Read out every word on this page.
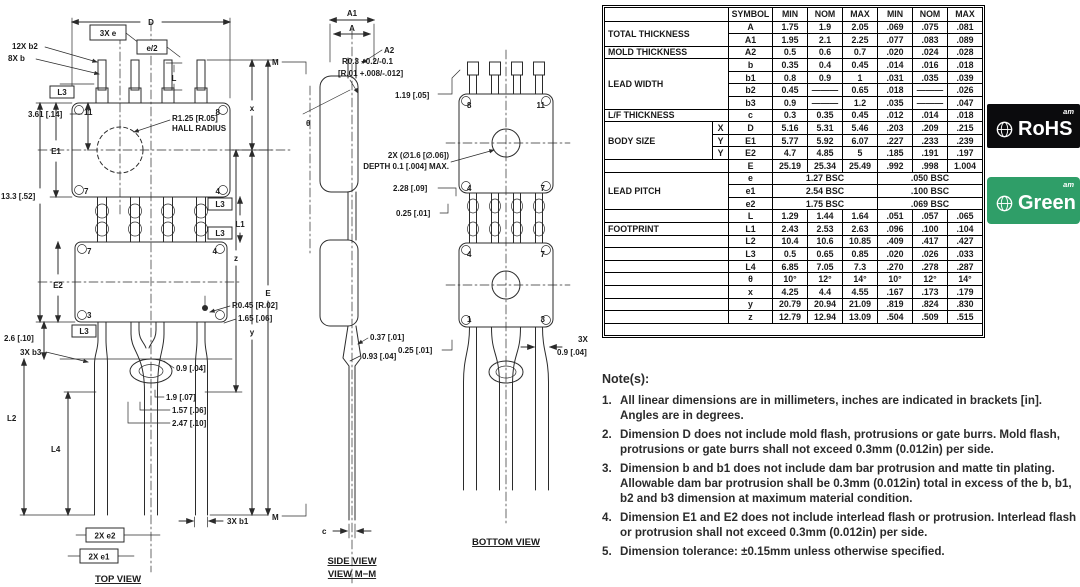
11	8
7	4
D
3X e
e/2
12X b2
8X b
L3
L
3.61 [.14]
E1
13.3 [.52]
R1.25 [R.05]
HALL RADIUS
L3
L1
L3
7	4
3
E2
R0.45 [R.02]
1.65 [.06]
x
z
y
E
M
M
2.6 [.10]
3X b3
L3
0.9 [.04]
1.9 [.07]
1.57 [.06]
2.47 [.10]
L2
L4
3X b1
2X e2
2X e1
TOP VIEW
A1
A
A2
R0.3 +0.2/-0.1
[R.01 +.008/-.012]
θ
0.37 [.01]
0.93 [.04]
c
SIDE VIEW
VIEW M−M
8	11
4	7
4	7
1	3
1.19 [.05]
2X (∅1.6 [∅.06])
DEPTH 0.1 [.004] MAX.
2.28 [.09]
0.25 [.01]
0.25 [.01]
3X
0.9 [.04]
BOTTOM VIEW
		SYMBOL	MIN	NOM	MAX	MIN	NOM	MAX
TOTAL THICKNESS		A	1.75	1.9	2.05	.069	.075	.081
		A1	1.95	2.1	2.25	.077	.083	.089
MOLD THICKNESS		A2	0.5	0.6	0.7	.020	.024	.028
LEAD WIDTH		b	0.35	0.4	0.45	.014	.016	.018
		b1	0.8	0.9	1	.031	.035	.039
		b2	0.45	———	0.65	.018	———	.026
		b3	0.9	———	1.2	.035	———	.047
L/F THICKNESS		c	0.3	0.35	0.45	.012	.014	.018
BODY SIZE	X	D	5.16	5.31	5.46	.203	.209	.215
	Y	E1	5.77	5.92	6.07	.227	.233	.239
	Y	E2	4.7	4.85	5	.185	.191	.197
		E	25.19	25.34	25.49	.992	.998	1.004
LEAD PITCH		e	1.27 BSC			.050 BSC		
		e1	2.54 BSC			.100 BSC		
		e2	1.75 BSC			.069 BSC		
		L	1.29	1.44	1.64	.051	.057	.065
FOOTPRINT		L1	2.43	2.53	2.63	.096	.100	.104
		L2	10.4	10.6	10.85	.409	.417	.427
		L3	0.5	0.65	0.85	.020	.026	.033
		L4	6.85	7.05	7.3	.270	.278	.287
		θ	10°	12°	14°	10°	12°	14°
		x	4.25	4.4	4.55	.167	.173	.179
		y	20.79	20.94	21.09	.819	.824	.830
		z	12.79	12.94	13.09	.504	.509	.515

am
RoHS
am
Green
Note(s):
1. All linear dimensions are in millimeters, inches are indicated in brackets [in]. Angles are in degrees.
2. Dimension D does not include mold flash, protrusions or gate burrs. Mold flash, protrusions or gate burrs shall not exceed 0.3mm (0.012in) per side.
3. Dimension b and b1 does not include dam bar protrusion and matte tin plating. Allowable dam bar protrusion shall be 0.3mm (0.012in) total in excess of the b, b1, b2 and b3 dimension at maximum material condition.
4. Dimension E1 and E2 does not include interlead flash or protrusion. Interlead flash or protrusion shall not exceed 0.3mm (0.012in) per side.
5. Dimension tolerance: ±0.15mm unless otherwise specified.
